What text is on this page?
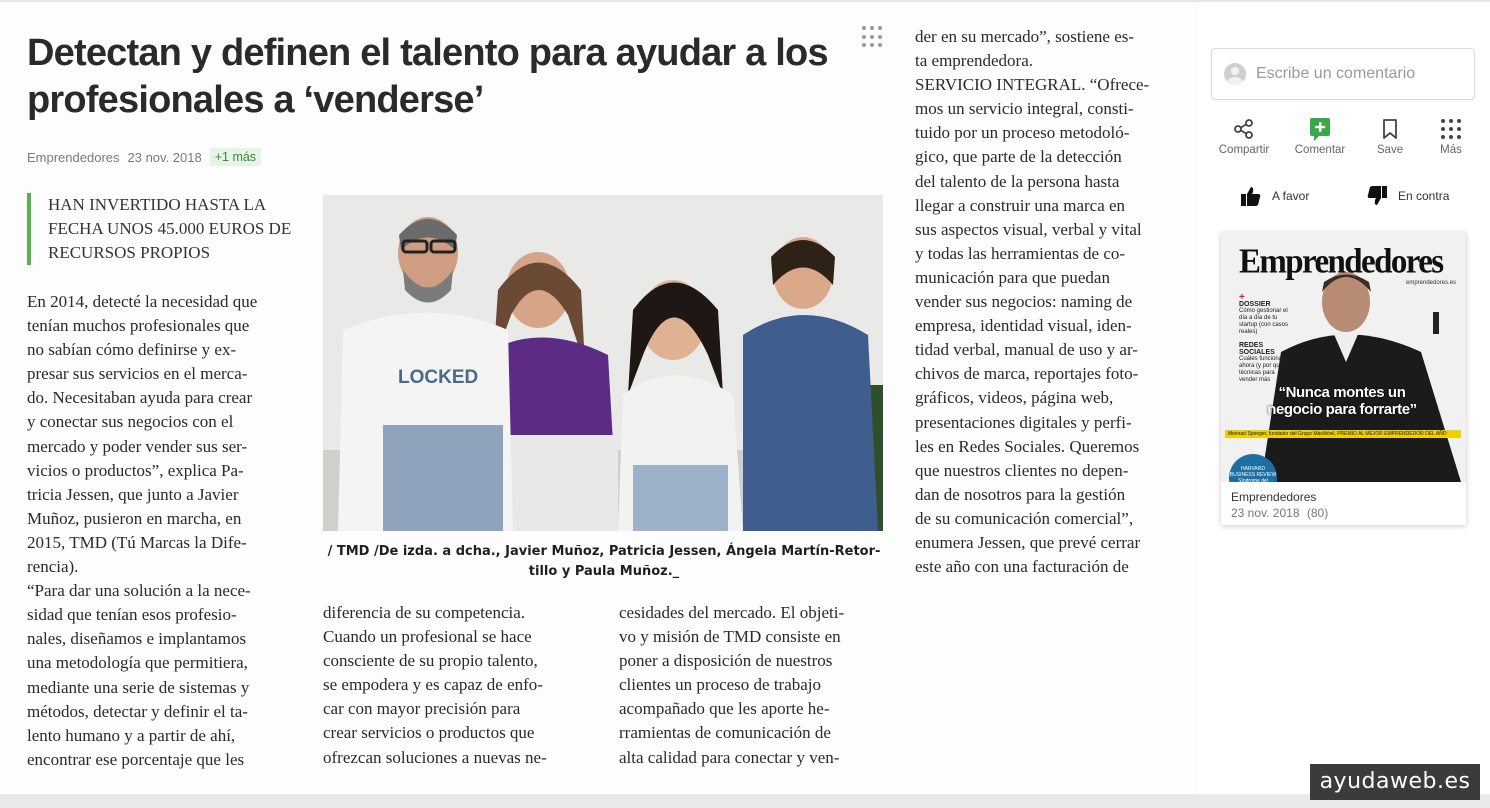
Detectan y definen el talento para ayudar a los profesionales a ‘venderse’
Emprendedores 23 nov. 2018	+1 más
HAN INVERTIDO HASTA LA FECHA UNOS 45.000 EUROS DE RECURSOS PROPIOS
En 2014, detecté la necesidad que
tenían muchos profesionales que
no sabían cómo definirse y ex-
presar sus servicios en el merca-
do. Necesitaban ayuda para crear
y conectar sus negocios con el
mercado y poder vender sus ser-
vicios o productos”, explica Pa-
tricia Jessen, que junto a Javier
Muñoz, pusieron en marcha, en
2015, TMD (Tú Marcas la Dife-
rencia).
“Para dar una solución a la nece-
sidad que tenían esos profesio-
nales, diseñamos e implantamos
una metodología que permitiera,
mediante una serie de sistemas y
métodos, detectar y definir el ta-
lento humano y a partir de ahí,
encontrar ese porcentaje que les
LOCKED
/ TMD /De izda. a dcha., Javier Muñoz, Patricia Jessen, Ángela Martín-Retor-
tillo y Paula Muñoz._
diferencia de su competencia.
Cuando un profesional se hace
consciente de su propio talento,
se empodera y es capaz de enfo-
car con mayor precisión para
crear servicios o productos que
ofrezcan soluciones a nuevas ne-
cesidades del mercado. El objeti-
vo y misión de TMD consiste en
poner a disposición de nuestros
clientes un proceso de trabajo
acompañado que les aporte he-
rramientas de comunicación de
alta calidad para conectar y ven-
der en su mercado”, sostiene es-
ta emprendedora.
SERVICIO INTEGRAL. “Ofrece-
mos un servicio integral, consti-
tuido por un proceso metodoló-
gico, que parte de la detección
del talento de la persona hasta
llegar a construir una marca en
sus aspectos visual, verbal y vital
y todas las herramientas de co-
municación para que puedan
vender sus negocios: naming de
empresa, identidad visual, iden-
tidad verbal, manual de uso y ar-
chivos de marca, reportajes foto-
gráficos, videos, página web,
presentaciones digitales y perfi-
les en Redes Sociales. Queremos
que nuestros clientes no depen-
dan de nosotros para la gestión
de su comunicación comercial”,
enumera Jessen, que prevé cerrar
este año con una facturación de
Escribe un comentario
Compartir	Comentar	Save	Más
A favor	En contra
Emprendedores
emprendedores.es
+
DOSSIER
Cómo gestionar el día a día de tu startup (con casos reales)
REDES SOCIALES
Cuáles funcionan ahora (y por qué) técnicas para vender más
“Nunca montes un negocio para forrarte”
Meinrad Spenger, fundador del Grupo MásMóvil, PREMIO AL MEJOR EMPRENDEDOR DEL AÑO
HARVARD BUSINESS REVIEW Síndrome del
Emprendedores
23 nov. 2018 (80)
ayudaweb.es
